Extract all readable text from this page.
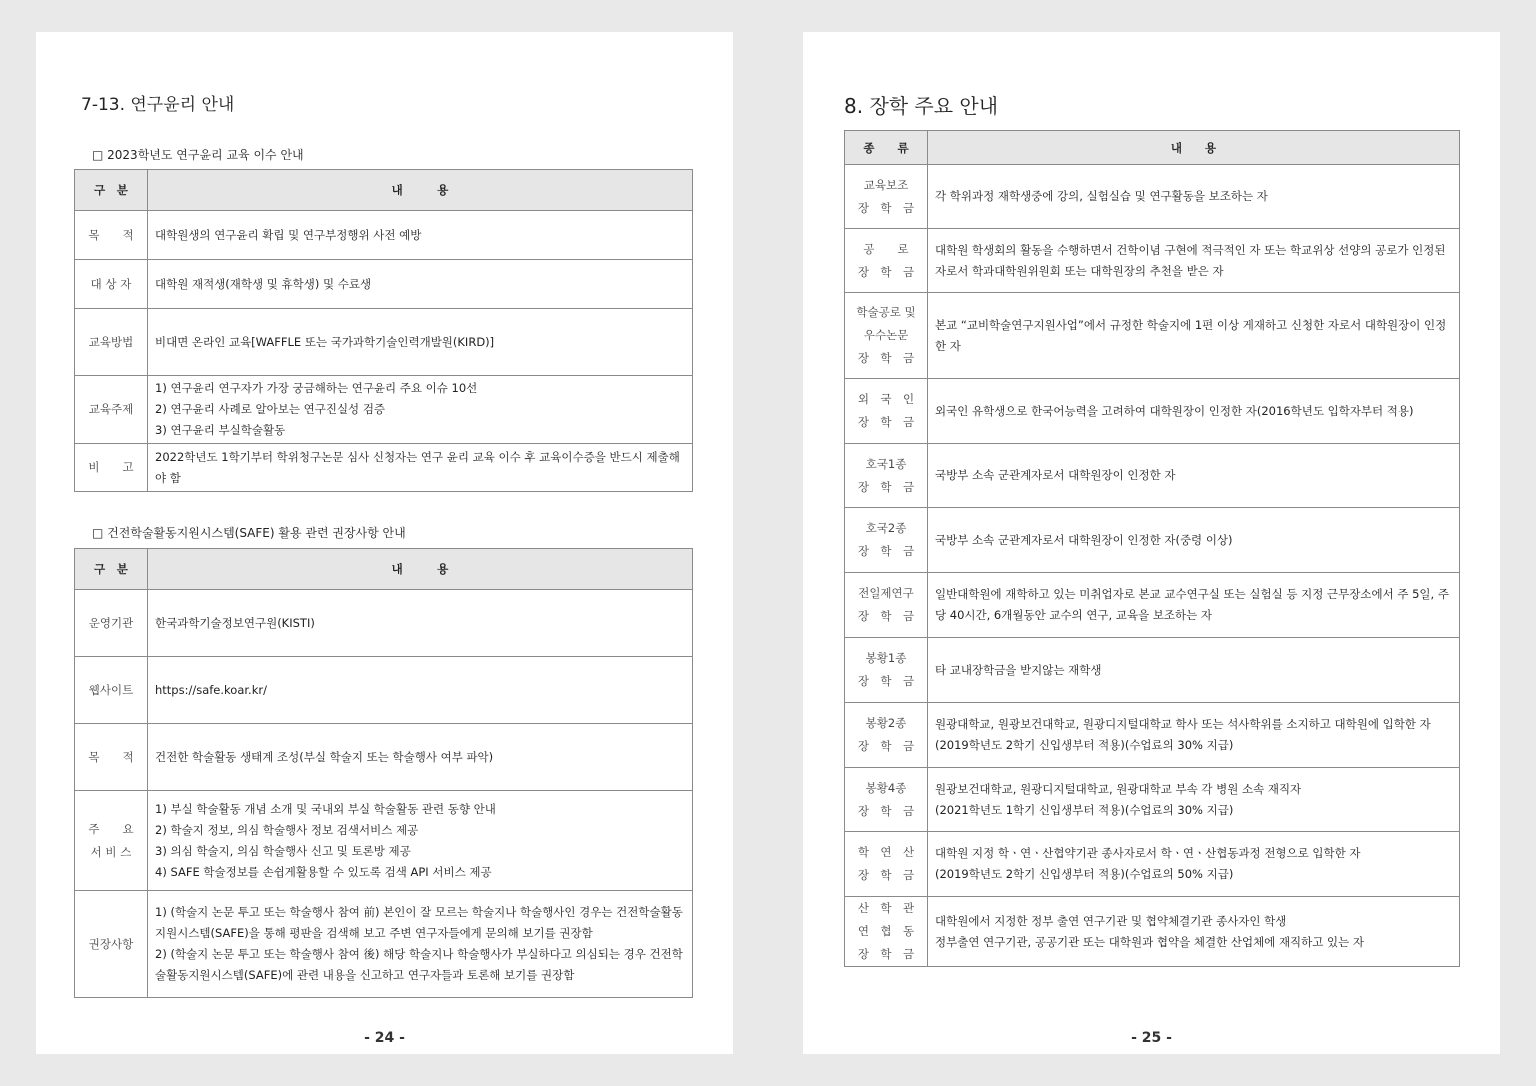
7-13. 연구윤리 안내
□ 2023학년도 연구윤리 교육 이수 안내
구　분	내　　　용

목　　적	대학원생의 연구윤리 확립 및 연구부정행위 사전 예방

대 상 자	대학원 재적생(재학생 및 휴학생) 및 수료생

교육방법	비대면 온라인 교육[WAFFLE 또는 국가과학기술인력개발원(KIRD)]

교육주제	1) 연구윤리 연구자가 가장 궁금해하는 연구윤리 주요 이슈 10선
2) 연구윤리 사례로 알아보는 연구진실성 검증
3) 연구윤리 부실학술활동

비　　고	2022학년도 1학기부터 학위청구논문 심사 신청자는 연구 윤리 교육 이수 후 교육이수증을 반드시 제출해야 함
□ 건전학술활동지원시스템(SAFE) 활용 관련 권장사항 안내
구　분	내　　　용

운영기관	한국과학기술정보연구원(KISTI)

웹사이트	https://safe.koar.kr/

목　　적	건전한 학술활동 생태계 조성(부실 학술지 또는 학술행사 여부 파악)

주　　요
서 비 스	1) 부실 학술활동 개념 소개 및 국내외 부실 학술활동 관련 동향 안내
2) 학술지 정보, 의심 학술행사 정보 검색서비스 제공
3) 의심 학술지, 의심 학술행사 신고 및 토론방 제공
4) SAFE 학술정보를 손쉽게활용할 수 있도록 검색 API 서비스 제공

권장사항	1) (학술지 논문 투고 또는 학술행사 참여 前) 본인이 잘 모르는 학술지나 학술행사인 경우는 건전학술활동지원시스템(SAFE)을 통해 평판을 검색해 보고 주변 연구자들에게 문의해 보기를 권장함
2) (학술지 논문 투고 또는 학술행사 참여 後) 해당 학술지나 학술행사가 부실하다고 의심되는 경우 건전학술활동지원시스템(SAFE)에 관련 내용을 신고하고 연구자들과 토론해 보기를 권장함
- 24 -
8. 장학 주요 안내
종　　류	내　　용

교육보조
장　학　금	각 학위과정 재학생중에 강의, 실험실습 및 연구활동을 보조하는 자

공　　로
장　학　금	대학원 학생회의 활동을 수행하면서 건학이념 구현에 적극적인 자 또는 학교위상 선양의 공로가 인정된 자로서 학과대학원위원회 또는 대학원장의 추천을 받은 자

학술공로 및
우수논문
장　학　금	본교 “교비학술연구지원사업”에서 규정한 학술지에 1편 이상 게재하고 신청한 자로서 대학원장이 인정한 자

외　국　인
장　학　금	외국인 유학생으로 한국어능력을 고려하여 대학원장이 인정한 자(2016학년도 입학자부터 적용)

호국1종
장　학　금	국방부 소속 군관계자로서 대학원장이 인정한 자

호국2종
장　학　금	국방부 소속 군관계자로서 대학원장이 인정한 자(중령 이상)

전일제연구
장　학　금	일반대학원에 재학하고 있는 미취업자로 본교 교수연구실 또는 실험실 등 지정 근무장소에서 주 5일, 주당 40시간, 6개월동안 교수의 연구, 교육을 보조하는 자

봉황1종
장　학　금	타 교내장학금을 받지않는 재학생

봉황2종
장　학　금	원광대학교, 원광보건대학교, 원광디지털대학교 학사 또는 석사학위를 소지하고 대학원에 입학한 자
(2019학년도 2학기 신입생부터 적용)(수업료의 30% 지급)

봉황4종
장　학　금	원광보건대학교, 원광디지털대학교, 원광대학교 부속 각 병원 소속 재직자
(2021학년도 1학기 신입생부터 적용)(수업료의 30% 지급)

학　연　산
장　학　금	대학원 지정 학ㆍ연ㆍ산협약기관 종사자로서 학ㆍ연ㆍ산협동과정 전형으로 입학한 자
(2019학년도 2학기 신입생부터 적용)(수업료의 50% 지급)

산　학　관
연　협　동
장　학　금	대학원에서 지정한 정부 출연 연구기관 및 협약체결기관 종사자인 학생
정부출연 연구기관, 공공기관 또는 대학원과 협약을 체결한 산업체에 재직하고 있는 자
- 25 -
